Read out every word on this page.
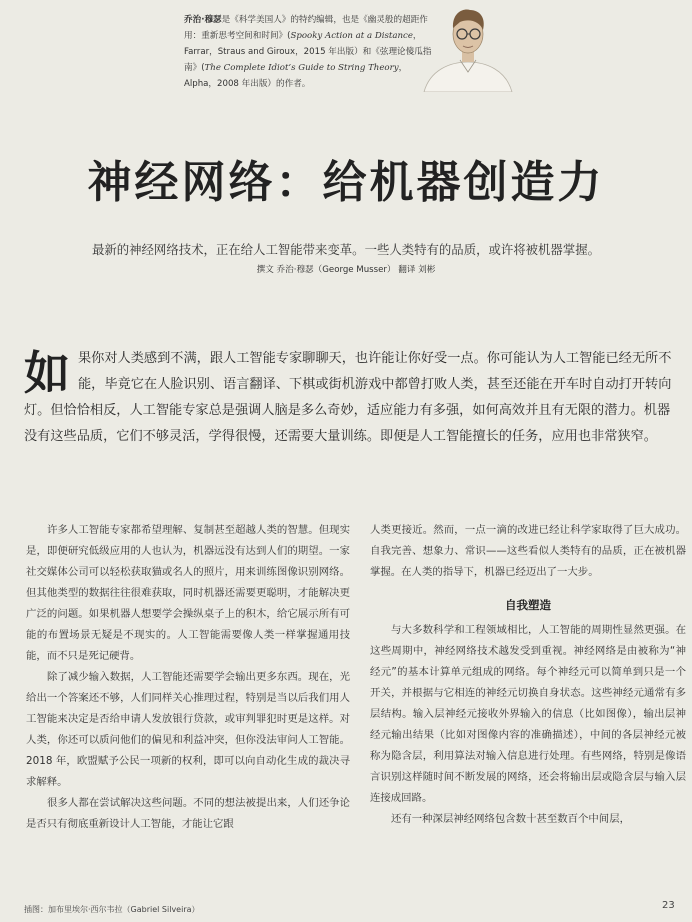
乔治·穆瑟是《科学美国人》的特约编辑，也是《幽灵般的超距作用：重新思考空间和时间》(Spooky Action at a Distance，Farrar，Straus and Giroux，2015 年出版）和《弦理论傻瓜指南》(The Complete Idiot’s Guide to String Theory，Alpha，2008 年出版）的作者。
神经网络：给机器创造力
最新的神经网络技术，正在给人工智能带来变革。一些人类特有的品质，或许将被机器掌握。
撰文 乔治·穆瑟（George Musser） 翻译 刘彬
如果你对人类感到不满，跟人工智能专家聊聊天，也许能让你好受一点。你可能认为人工智能已经无所不能，毕竟它在人脸识别、语言翻译、下棋或街机游戏中都曾打败人类，甚至还能在开车时自动打开转向灯。但恰恰相反，人工智能专家总是强调人脑是多么奇妙，适应能力有多强，如何高效并且有无限的潜力。机器没有这些品质，它们不够灵活，学得很慢，还需要大量训练。即便是人工智能擅长的任务，应用也非常狭窄。

许多人工智能专家都希望理解、复制甚至超越人类的智慧。但现实是，即便研究低级应用的人也认为，机器远没有达到人们的期望。一家社交媒体公司可以轻松获取猫或名人的照片，用来训练图像识别网络。但其他类型的数据往往很难获取，同时机器还需要更聪明，才能解决更广泛的问题。如果机器人想要学会操纵桌子上的积木，给它展示所有可能的布置场景无疑是不现实的。人工智能需要像人类一样掌握通用技能，而不只是死记硬背。

除了减少输入数据，人工智能还需要学会输出更多东西。现在，光给出一个答案还不够，人们同样关心推理过程，特别是当以后我们用人工智能来决定是否给申请人发放银行贷款，或审判罪犯时更是这样。对人类，你还可以质问他们的偏见和利益冲突，但你没法审问人工智能。2018 年，欧盟赋予公民一项新的权利，即可以向自动化生成的裁决寻求解释。

很多人都在尝试解决这些问题。不同的想法被提出来，人们还争论是否只有彻底重新设计人工智能，才能让它跟

人类更接近。然而，一点一滴的改进已经让科学家取得了巨大成功。自我完善、想象力、常识——这些看似人类特有的品质，正在被机器掌握。在人类的指导下，机器已经迈出了一大步。

自我塑造

与大多数科学和工程领域相比，人工智能的周期性显然更强。在这些周期中，神经网络技术越发受到重视。神经网络是由被称为“神经元”的基本计算单元组成的网络。每个神经元可以简单到只是一个开关，并根据与它相连的神经元切换自身状态。这些神经元通常有多层结构。输入层神经元接收外界输入的信息（比如图像），输出层神经元输出结果（比如对图像内容的准确描述），中间的各层神经元被称为隐含层，利用算法对输入信息进行处理。有些网络，特别是像语言识别这样随时间不断发展的网络，还会将输出层或隐含层与输入层连接成回路。

还有一种深层神经网络包含数十甚至数百个中间层，

插图：加布里埃尔·西尔韦拉（Gabriel Silveira）	23
